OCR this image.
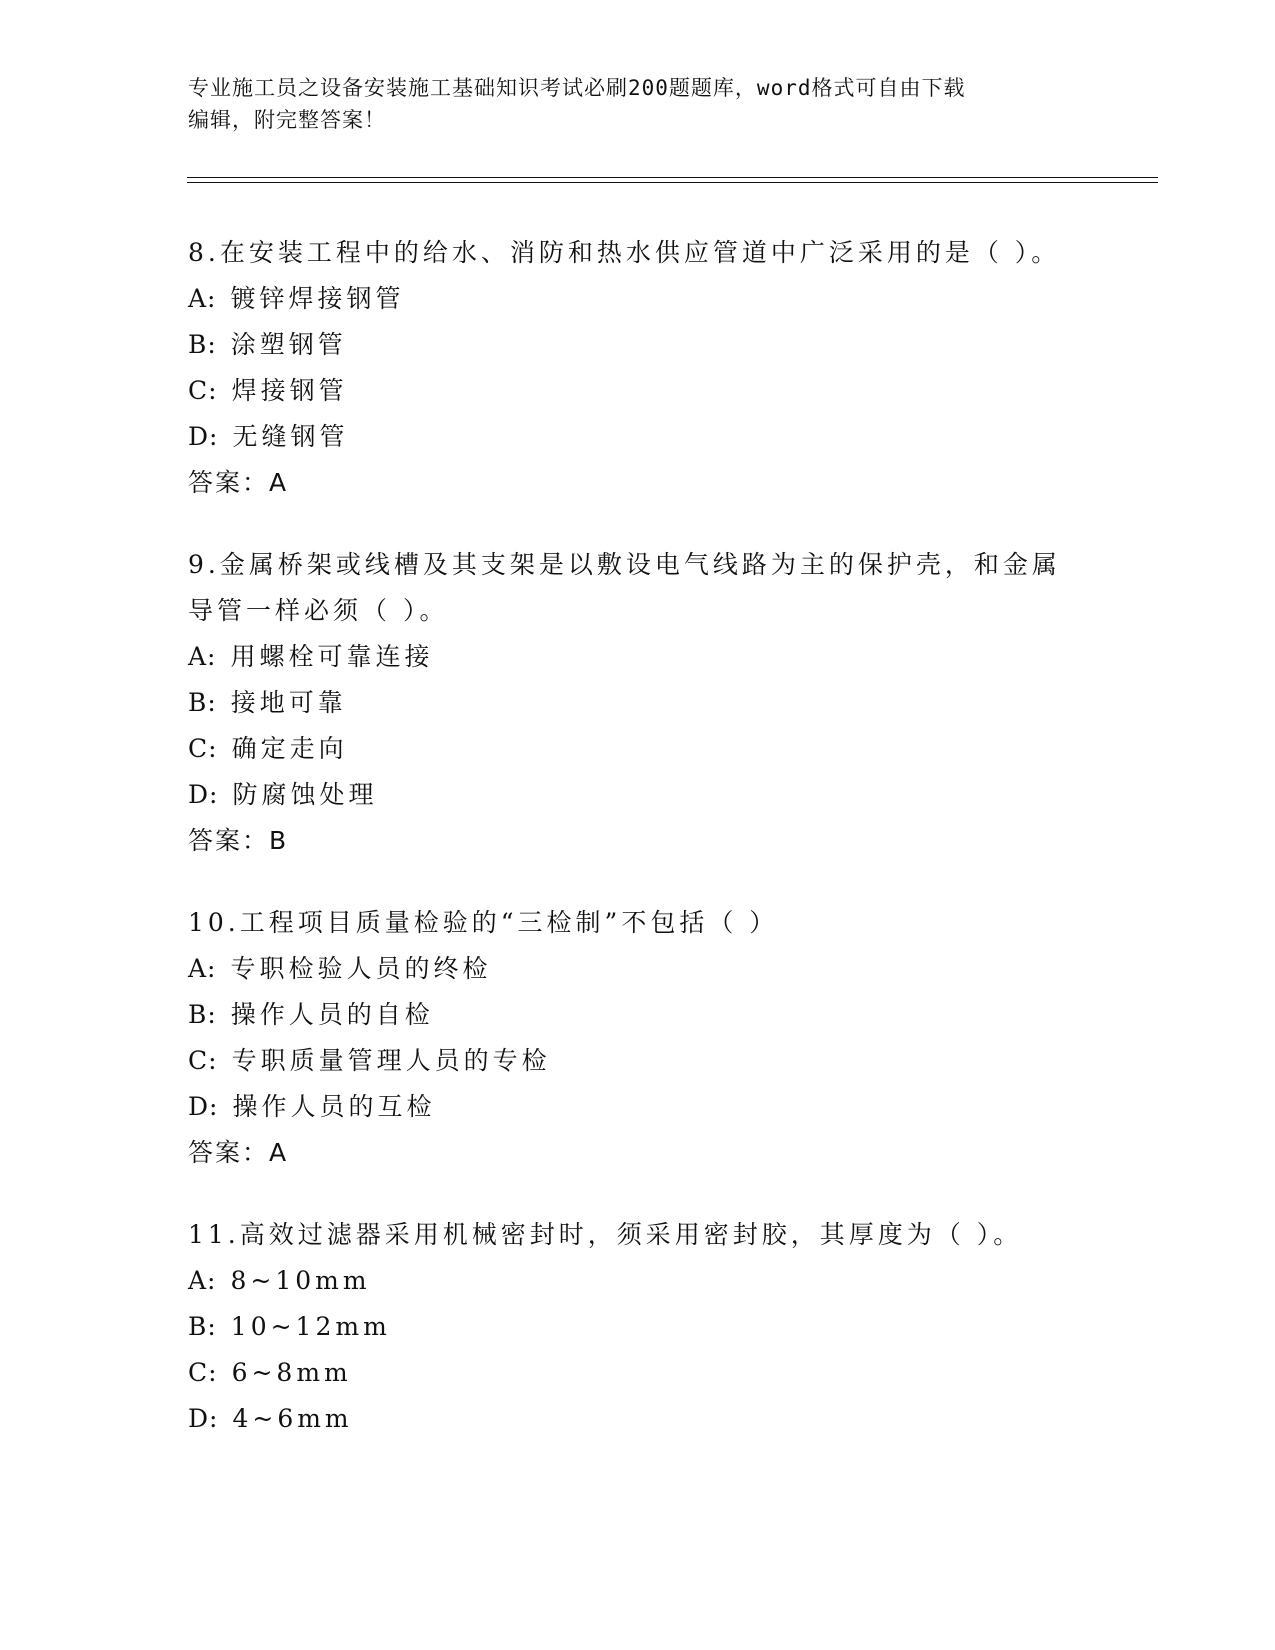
专业施工员之设备安装施工基础知识考试必刷200题题库，word格式可自由下载
编辑，附完整答案！
8.在安装工程中的给水、消防和热水供应管道中广泛采用的是（ ）。
A: 镀锌焊接钢管
B: 涂塑钢管
C: 焊接钢管
D: 无缝钢管
答案：A
9.金属桥架或线槽及其支架是以敷设电气线路为主的保护壳，和金属
导管一样必须（ ）。
A: 用螺栓可靠连接
B: 接地可靠
C: 确定走向
D: 防腐蚀处理
答案：B
10.工程项目质量检验的“三检制”不包括（ ）
A: 专职检验人员的终检
B: 操作人员的自检
C: 专职质量管理人员的专检
D: 操作人员的互检
答案：A
11.高效过滤器采用机械密封时，须采用密封胶，其厚度为（ ）。
A: 8~10mm
B: 10~12mm
C: 6~8mm
D: 4~6mm
